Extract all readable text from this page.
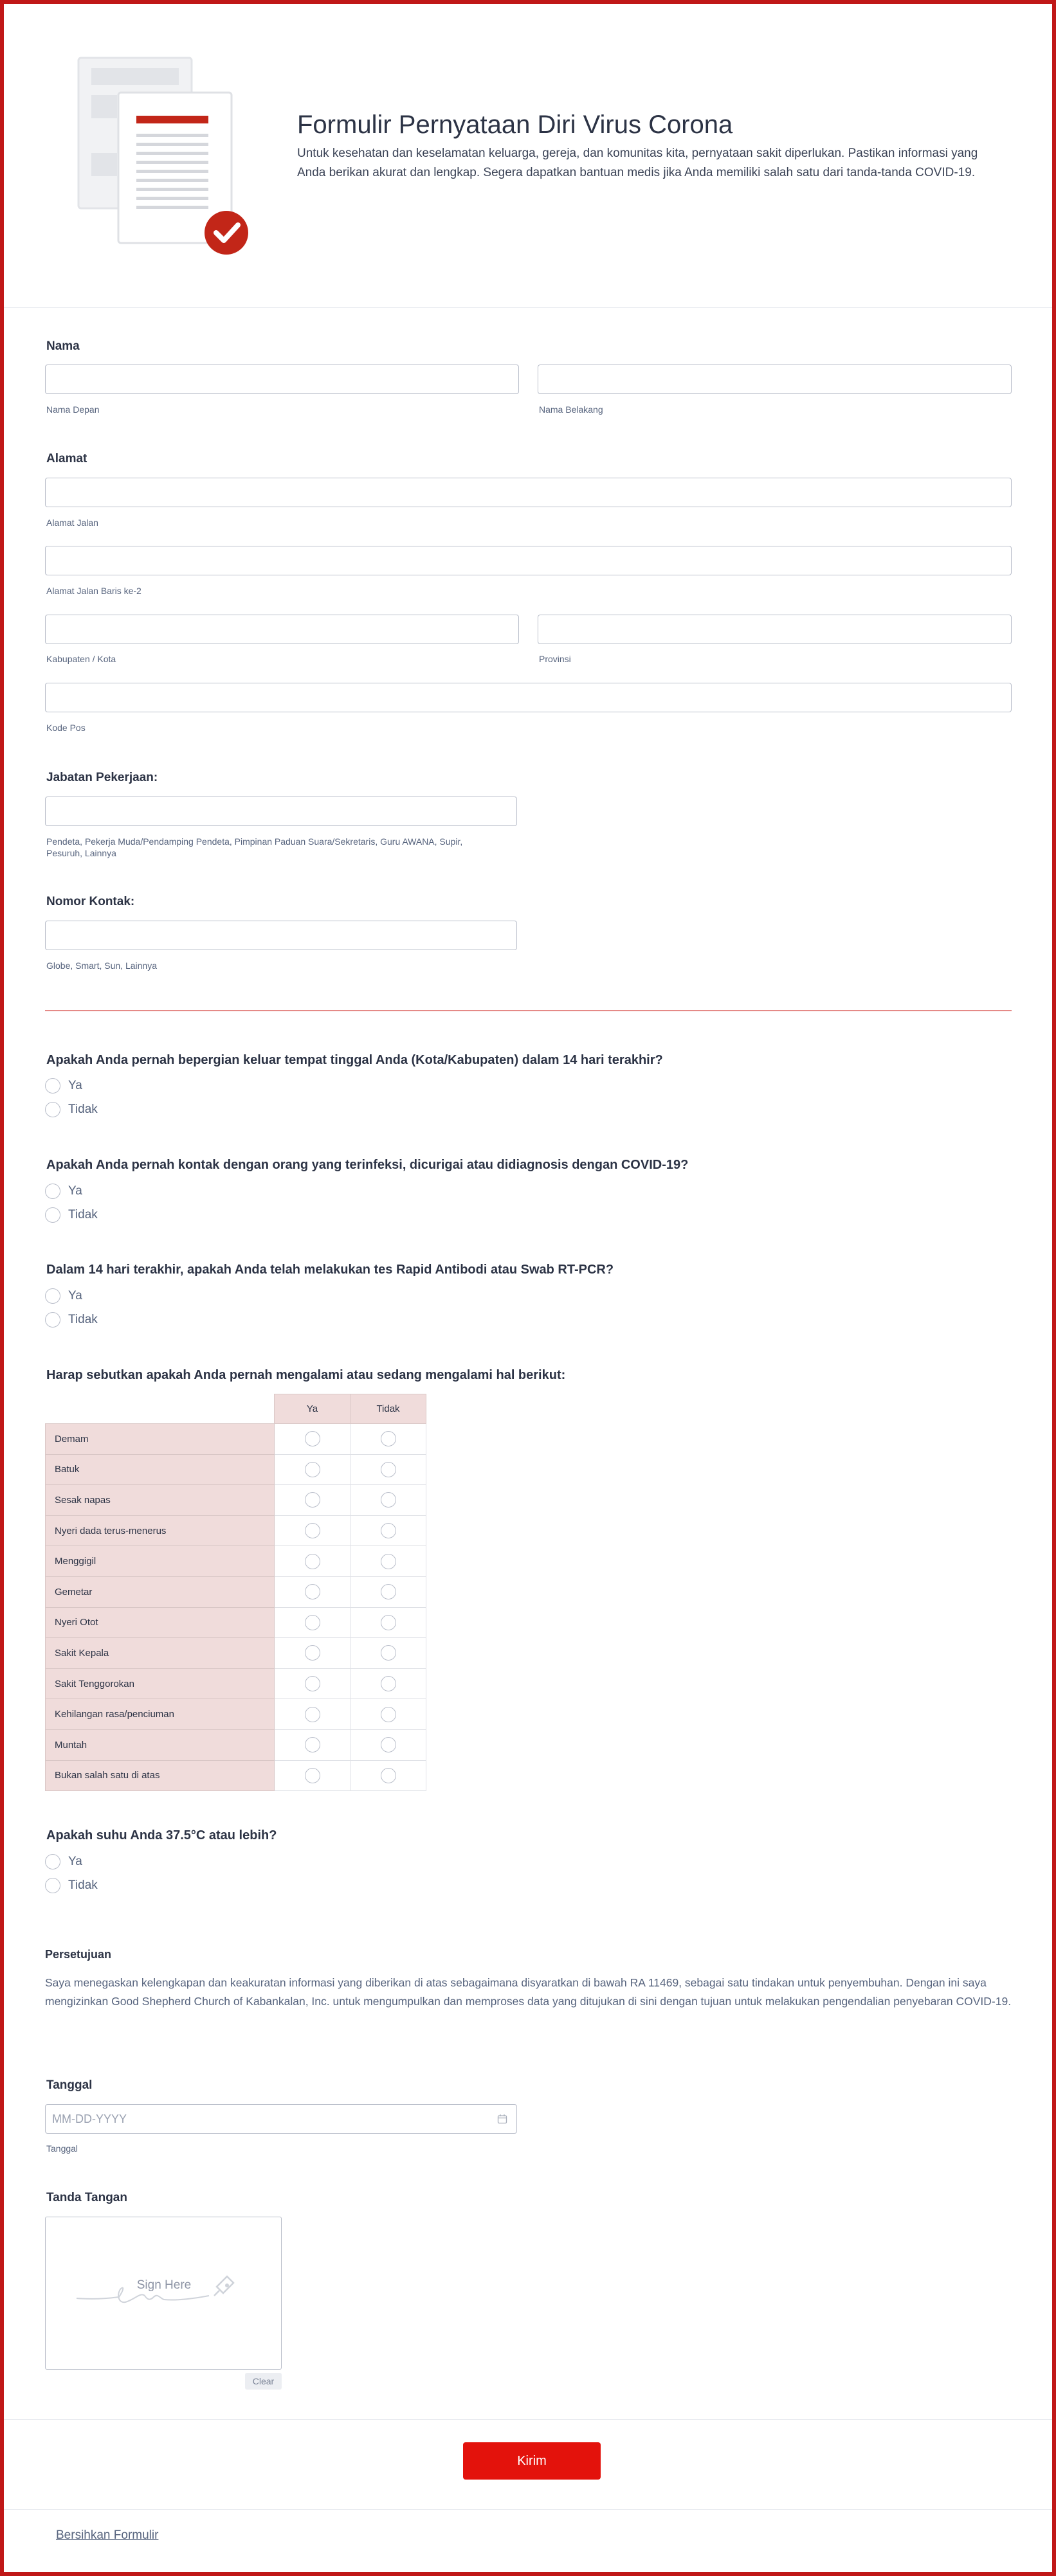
Formulir Pernyataan Diri Virus Corona

Untuk kesehatan dan keselamatan keluarga, gereja, dan komunitas kita, pernyataan sakit diperlukan. Pastikan informasi yang Anda berikan akurat dan lengkap. Segera dapatkan bantuan medis jika Anda memiliki salah satu dari tanda-tanda COVID-19.

Nama
Nama Depan	Nama Belakang
Alamat
Alamat Jalan
Alamat Jalan Baris ke-2
Kabupaten / Kota	Provinsi
Kode Pos
Jabatan Pekerjaan:
Pendeta, Pekerja Muda/Pendamping Pendeta, Pimpinan Paduan Suara/Sekretaris, Guru AWANA, Supir, Pesuruh, Lainnya
Nomor Kontak:
Globe, Smart, Sun, Lainnya
Apakah Anda pernah bepergian keluar tempat tinggal Anda (Kota/Kabupaten) dalam 14 hari terakhir?
Ya
Tidak
Apakah Anda pernah kontak dengan orang yang terinfeksi, dicurigai atau didiagnosis dengan COVID-19?
Ya
Tidak
Dalam 14 hari terakhir, apakah Anda telah melakukan tes Rapid Antibodi atau Swab RT-PCR?
Ya
Tidak
Harap sebutkan apakah Anda pernah mengalami atau sedang mengalami hal berikut:
	Ya	Tidak
Demam		
Batuk		
Sesak napas		
Nyeri dada terus-menerus		
Menggigil		
Gemetar		
Nyeri Otot		
Sakit Kepala		
Sakit Tenggorokan		
Kehilangan rasa/penciuman		
Muntah		
Bukan salah satu di atas		
Apakah suhu Anda 37.5°C atau lebih?
Ya
Tidak
Persetujuan

Saya menegaskan kelengkapan dan keakuratan informasi yang diberikan di atas sebagaimana disyaratkan di bawah RA 11469, sebagai satu tindakan untuk penyembuhan. Dengan ini saya mengizinkan Good Shepherd Church of Kabankalan, Inc. untuk mengumpulkan dan memproses data yang ditujukan di sini dengan tujuan untuk melakukan pengendalian penyebaran COVID-19.

Tanggal
MM-DD-YYYY
Tanggal
Tanda Tangan
Sign Here
Clear
Kirim
Bersihkan Formulir
